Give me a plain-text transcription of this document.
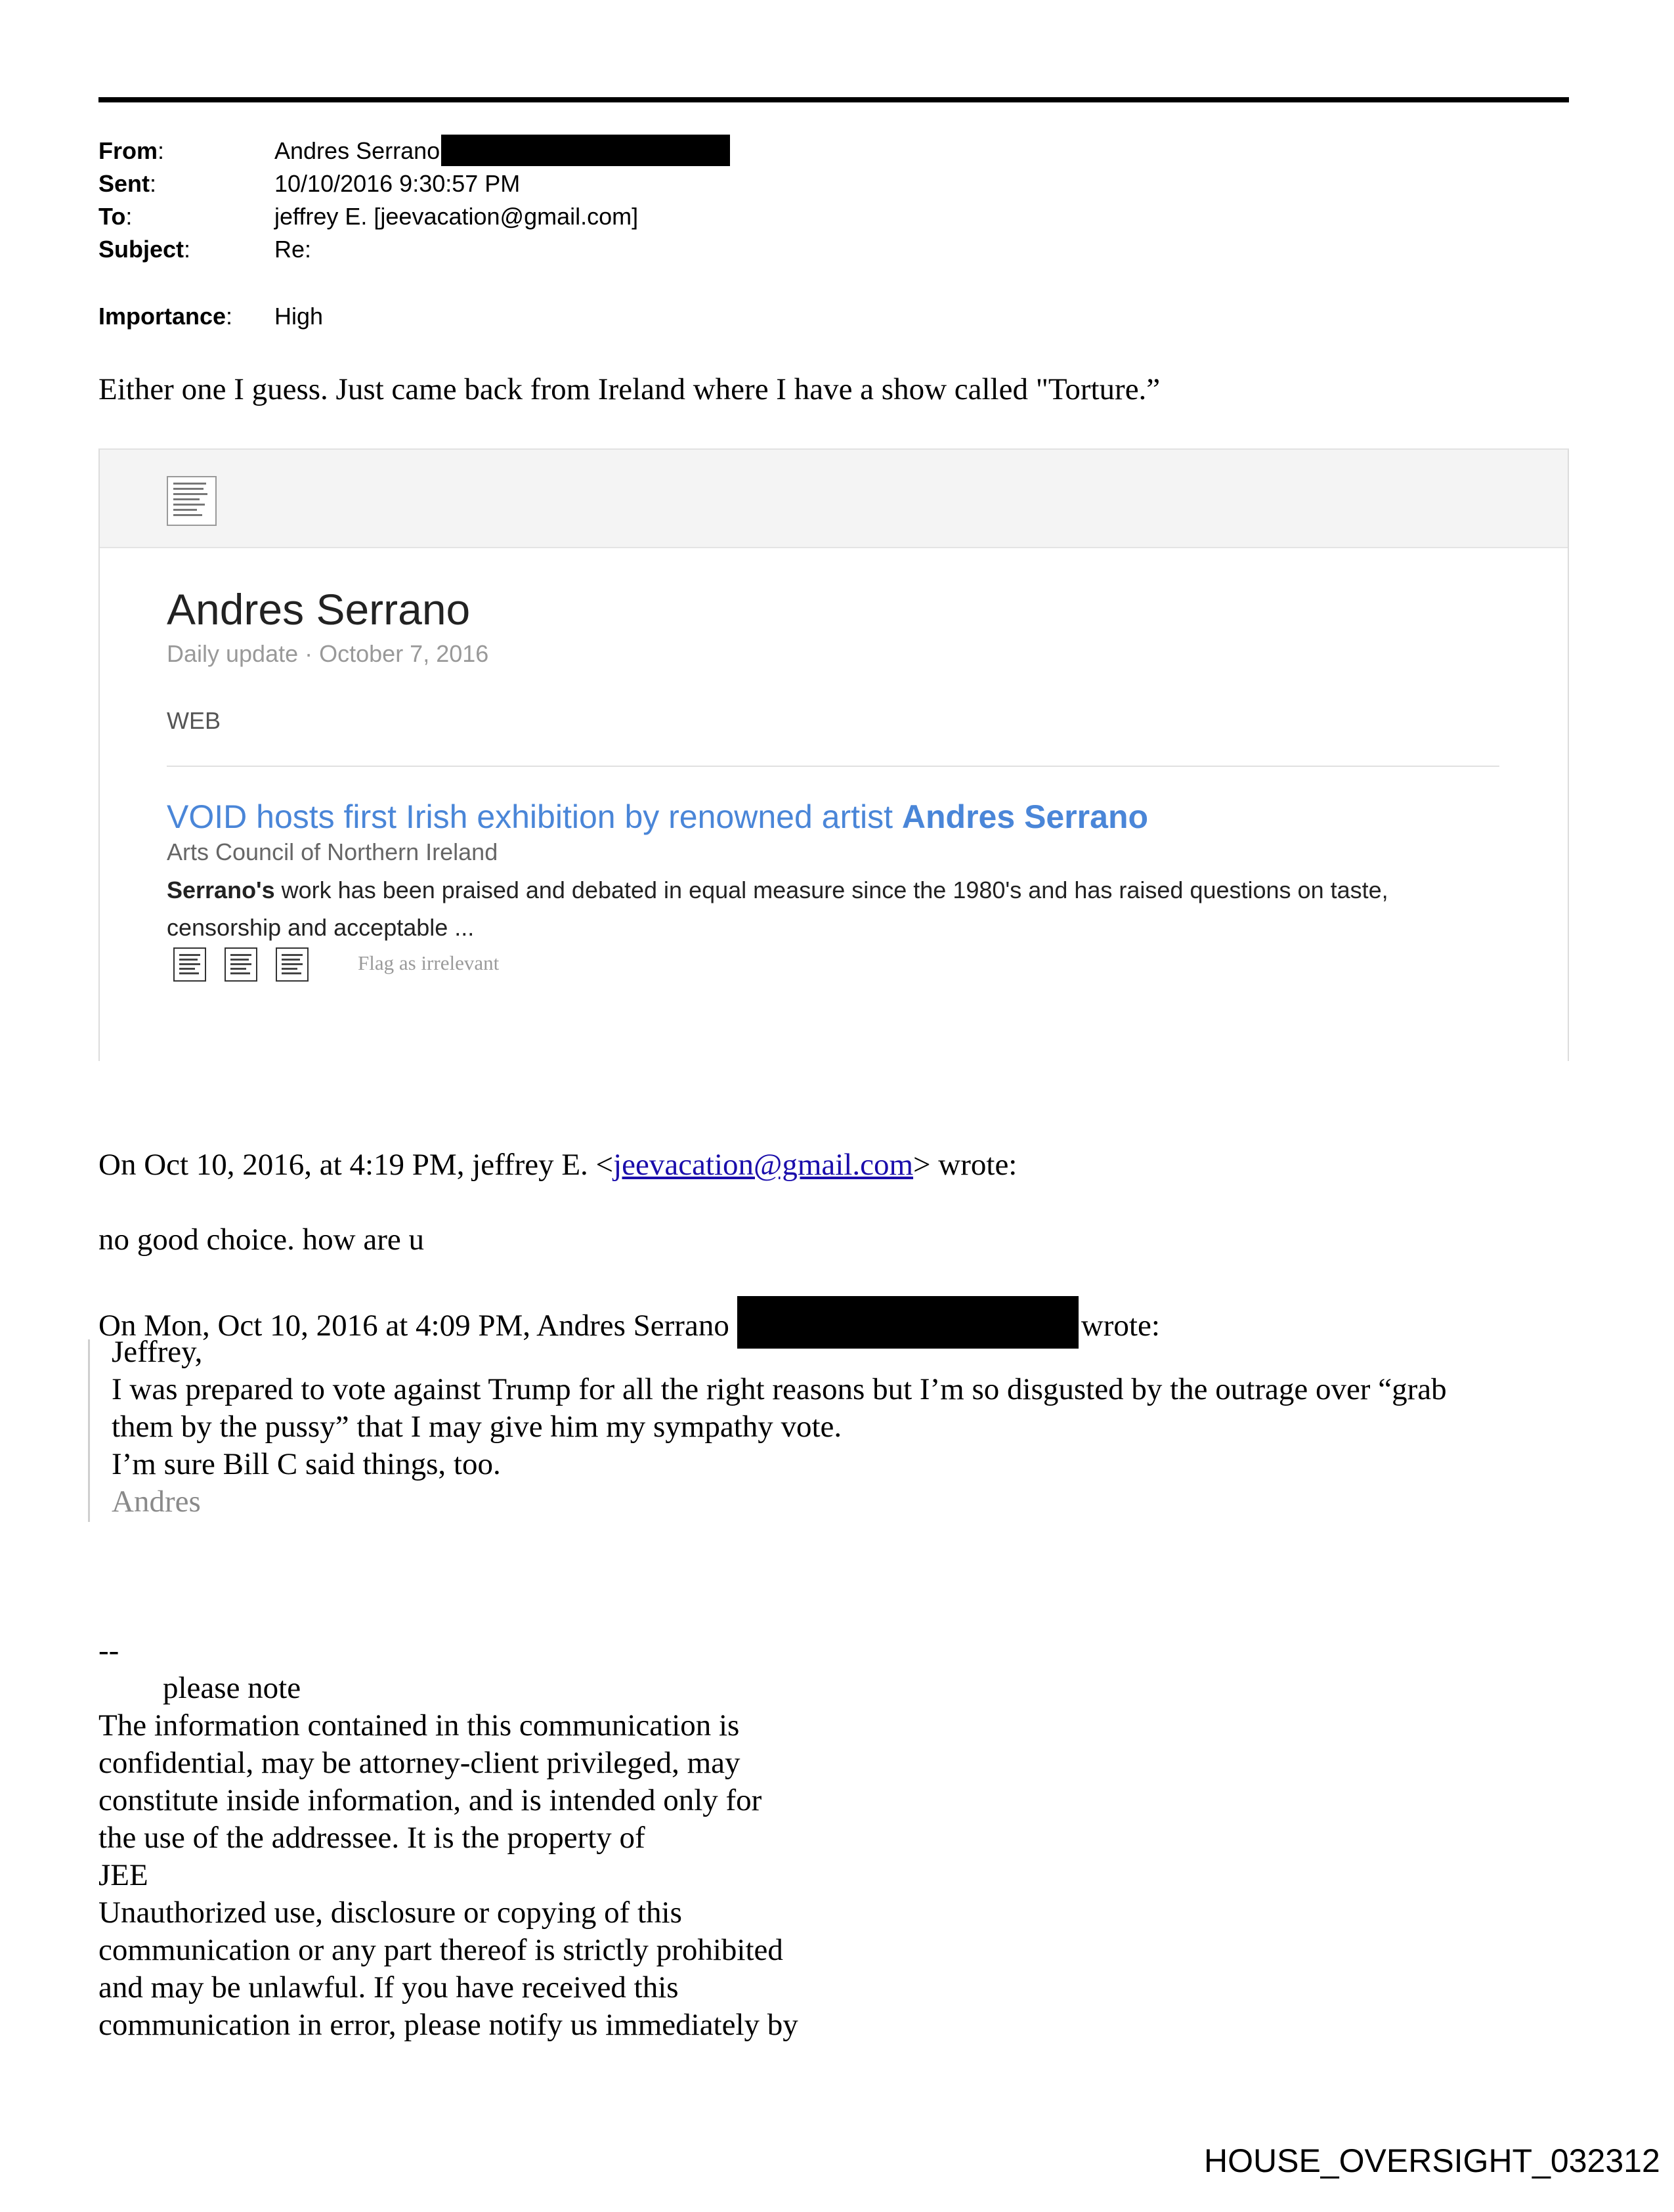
From:	Andres Serrano
Sent:	10/10/2016 9:30:57 PM
To:	jeffrey E. [jeevacation@gmail.com]
Subject:	Re:
Importance: High
Either one I guess. Just came back from Ireland where I have a show called "Torture.”
Andres Serrano
Daily update · October 7, 2016
WEB
VOID hosts first Irish exhibition by renowned artist Andres Serrano
Arts Council of Northern Ireland
Serrano's work has been praised and debated in equal measure since the 1980's and has raised questions on taste, censorship and acceptable ...
Flag as irrelevant
On Oct 10, 2016, at 4:19 PM, jeffrey E. <jeevacation@gmail.com> wrote:
no good choice. how are u
On Mon, Oct 10, 2016 at 4:09 PM, Andres Serrano	wrote:
Jeffrey,
I was prepared to vote against Trump for all the right reasons but I’m so disgusted by the outrage over “grab
them by the pussy” that I may give him my sympathy vote.
I’m sure Bill C said things, too.
Andres
--
please note
The information contained in this communication is
confidential, may be attorney-client privileged, may
constitute inside information, and is intended only for
the use of the addressee. It is the property of
JEE
Unauthorized use, disclosure or copying of this
communication or any part thereof is strictly prohibited
and may be unlawful. If you have received this
communication in error, please notify us immediately by
HOUSE_OVERSIGHT_032312
